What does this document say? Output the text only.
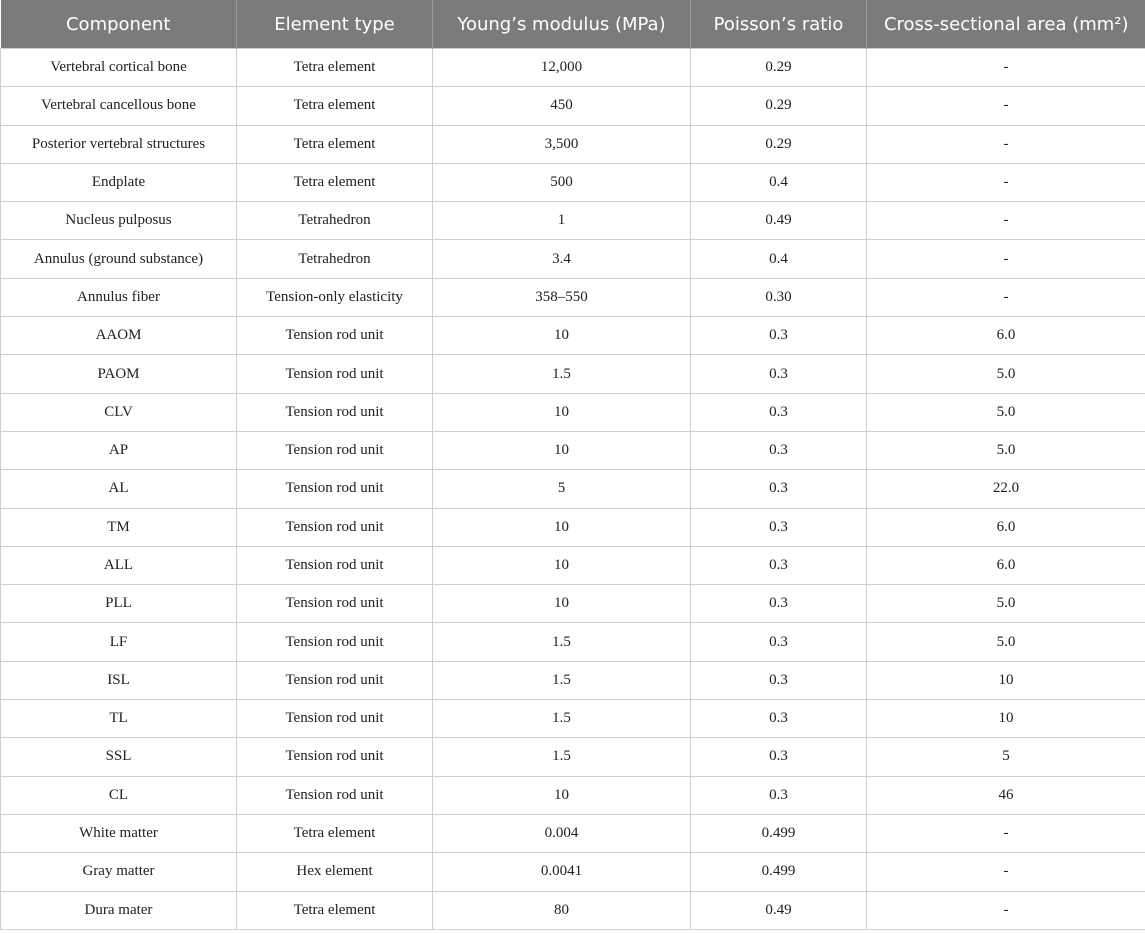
Component	Element type	Young’s modulus (MPa)	Poisson’s ratio	Cross-sectional area (mm²)
Vertebral cortical bone	Tetra element	12,000	0.29	-
Vertebral cancellous bone	Tetra element	450	0.29	-
Posterior vertebral structures	Tetra element	3,500	0.29	-
Endplate	Tetra element	500	0.4	-
Nucleus pulposus	Tetrahedron	1	0.49	-
Annulus (ground substance)	Tetrahedron	3.4	0.4	-
Annulus fiber	Tension-only elasticity	358–550	0.30	-
AAOM	Tension rod unit	10	0.3	6.0
PAOM	Tension rod unit	1.5	0.3	5.0
CLV	Tension rod unit	10	0.3	5.0
AP	Tension rod unit	10	0.3	5.0
AL	Tension rod unit	5	0.3	22.0
TM	Tension rod unit	10	0.3	6.0
ALL	Tension rod unit	10	0.3	6.0
PLL	Tension rod unit	10	0.3	5.0
LF	Tension rod unit	1.5	0.3	5.0
ISL	Tension rod unit	1.5	0.3	10
TL	Tension rod unit	1.5	0.3	10
SSL	Tension rod unit	1.5	0.3	5
CL	Tension rod unit	10	0.3	46
White matter	Tetra element	0.004	0.499	-
Gray matter	Hex element	0.0041	0.499	-
Dura mater	Tetra element	80	0.49	-
